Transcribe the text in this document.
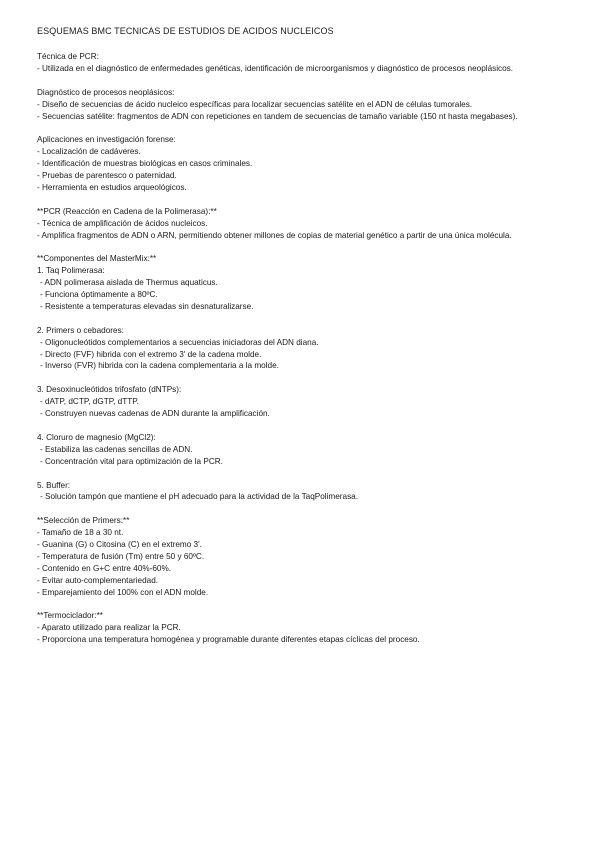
ESQUEMAS BMC TECNICAS DE ESTUDIOS DE ACIDOS NUCLEICOS
Técnica de PCR:
- Utilizada en el diagnóstico de enfermedades genéticas, identificación de microorganismos y diagnóstico de procesos neoplásicos.
Diagnóstico de procesos neoplásicos:
- Diseño de secuencias de ácido nucleico específicas para localizar secuencias satélite en el ADN de células tumorales.
- Secuencias satélite: fragmentos de ADN con repeticiones en tandem de secuencias de tamaño variable (150 nt hasta megabases).
Aplicaciones en investigación forense:
- Localización de cadáveres.
- Identificación de muestras biológicas en casos criminales.
- Pruebas de parentesco o paternidad.
- Herramienta en estudios arqueológicos.
**PCR (Reacción en Cadena de la Polimerasa):**
- Técnica de amplificación de ácidos nucleicos.
- Amplifica fragmentos de ADN o ARN, permitiendo obtener millones de copias de material genético a partir de una única molécula.
**Componentes del MasterMix:**
1. Taq Polimerasa:
- ADN polimerasa aislada de Thermus aquaticus.
- Funciona óptimamente a 80ºC.
- Resistente a temperaturas elevadas sin desnaturalizarse.
2. Primers o cebadores:
- Oligonucleótidos complementarios a secuencias iniciadoras del ADN diana.
- Directo (FVF) hibrida con el extremo 3' de la cadena molde.
- Inverso (FVR) hibrida con la cadena complementaria a la molde.
3. Desoxinucleótidos trifosfato (dNTPs):
- dATP, dCTP, dGTP, dTTP.
- Construyen nuevas cadenas de ADN durante la amplificación.
4. Cloruro de magnesio (MgCl2):
- Estabiliza las cadenas sencillas de ADN.
- Concentración vital para optimización de la PCR.
5. Buffer:
- Solución tampón que mantiene el pH adecuado para la actividad de la TaqPolimerasa.
**Selección de Primers:**
- Tamaño de 18 a 30 nt.
- Guanina (G) o Citosina (C) en el extremo 3'.
- Temperatura de fusión (Tm) entre 50 y 60ºC.
- Contenido en G+C entre 40%-60%.
- Evitar auto-complementariedad.
- Emparejamiento del 100% con el ADN molde.
**Termociclador:**
- Aparato utilizado para realizar la PCR.
- Proporciona una temperatura homogénea y programable durante diferentes etapas cíclicas del proceso.
